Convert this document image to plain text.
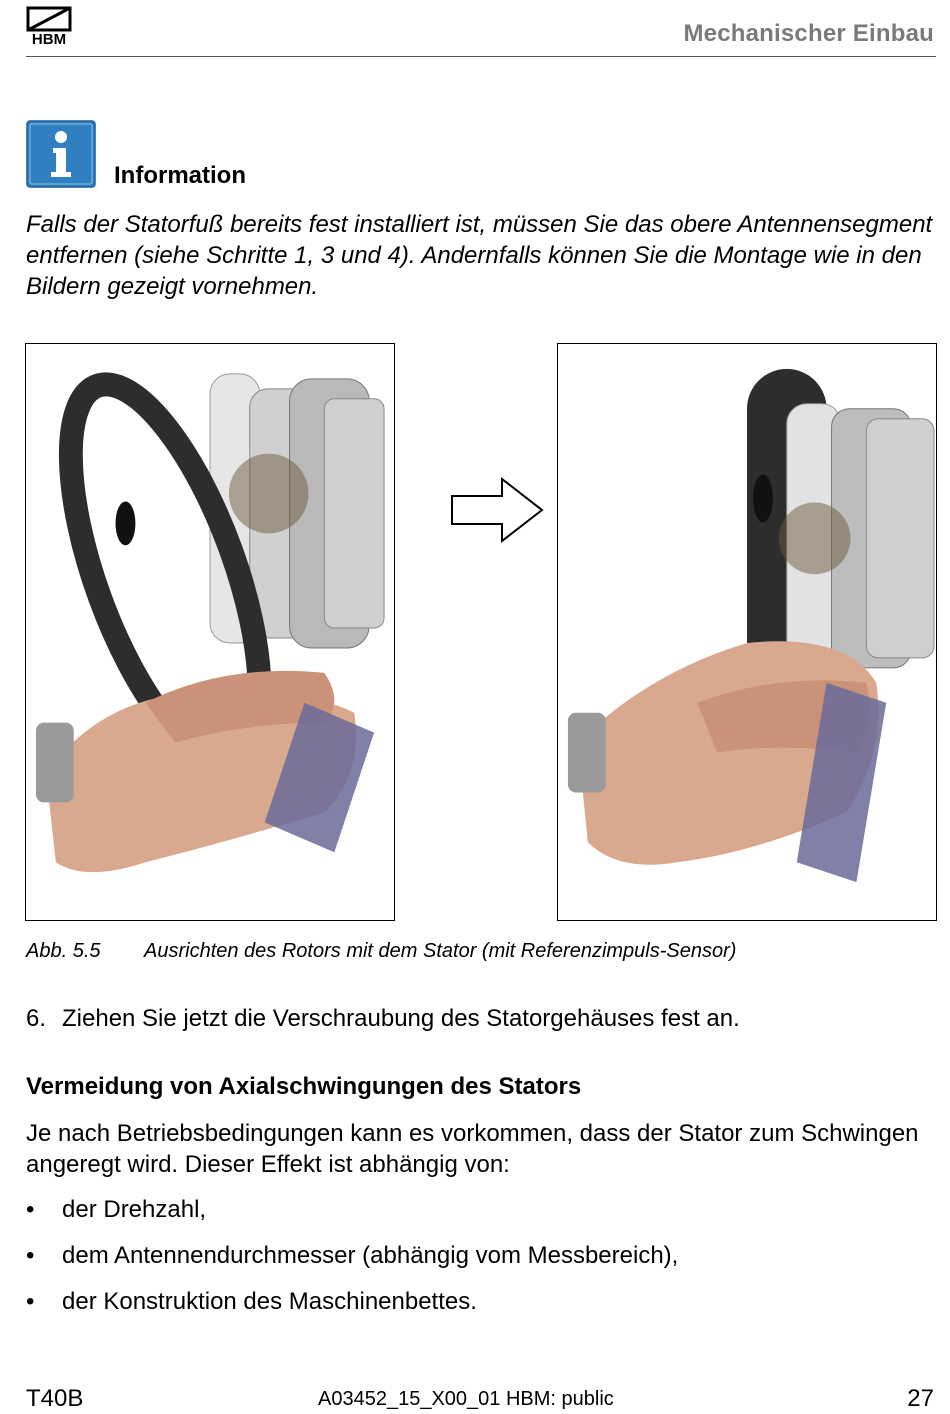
HBM	Mechanischer Einbau
Information

Falls der Statorfuß bereits fest installiert ist, müssen Sie das obere Antennensegment entfernen (siehe Schritte 1, 3 und 4). Andernfalls können Sie die Montage wie in den Bildern gezeigt vornehmen.

Abb. 5.5 Ausrichten des Rotors mit dem Stator (mit Referenzimpuls-Sensor)
6. Ziehen Sie jetzt die Verschraubung des Statorgehäuses fest an.
Vermeidung von Axialschwingungen des Stators

Je nach Betriebsbedingungen kann es vorkommen, dass der Stator zum Schwingen angeregt wird. Dieser Effekt ist abhängig von:

• der Drehzahl,
• dem Antennendurchmesser (abhängig vom Messbereich),
• der Konstruktion des Maschinenbettes.
T40B	A03452_15_X00_01 HBM: public	27
